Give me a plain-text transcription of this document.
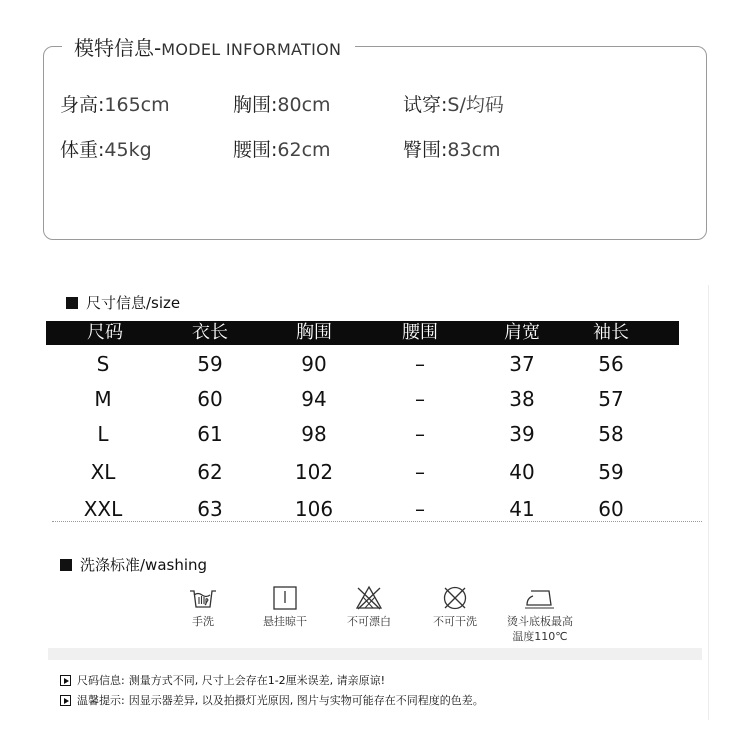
模特信息- MODEL INFORMATION
身高:165cm	胸围:80cm	试穿:S/均码
体重:45kg	腰围:62cm	臀围:83cm
尺寸信息/size
尺码	衣长	胸围	腰围	肩宽	袖长
S	59	90	–	37	56
M	60	94	–	38	57
L	61	98	–	39	58
XL	62	102	–	40	59
XXL	63	106	–	41	60
洗涤标准/washing
手洗	悬挂晾干	不可漂白	不可干洗	烫斗底板最高
温度110℃
尺码信息: 测量方式不同, 尺寸上会存在1-2厘米误差, 请亲原谅!
温馨提示: 因显示器差异, 以及拍摄灯光原因, 图片与实物可能存在不同程度的色差。
